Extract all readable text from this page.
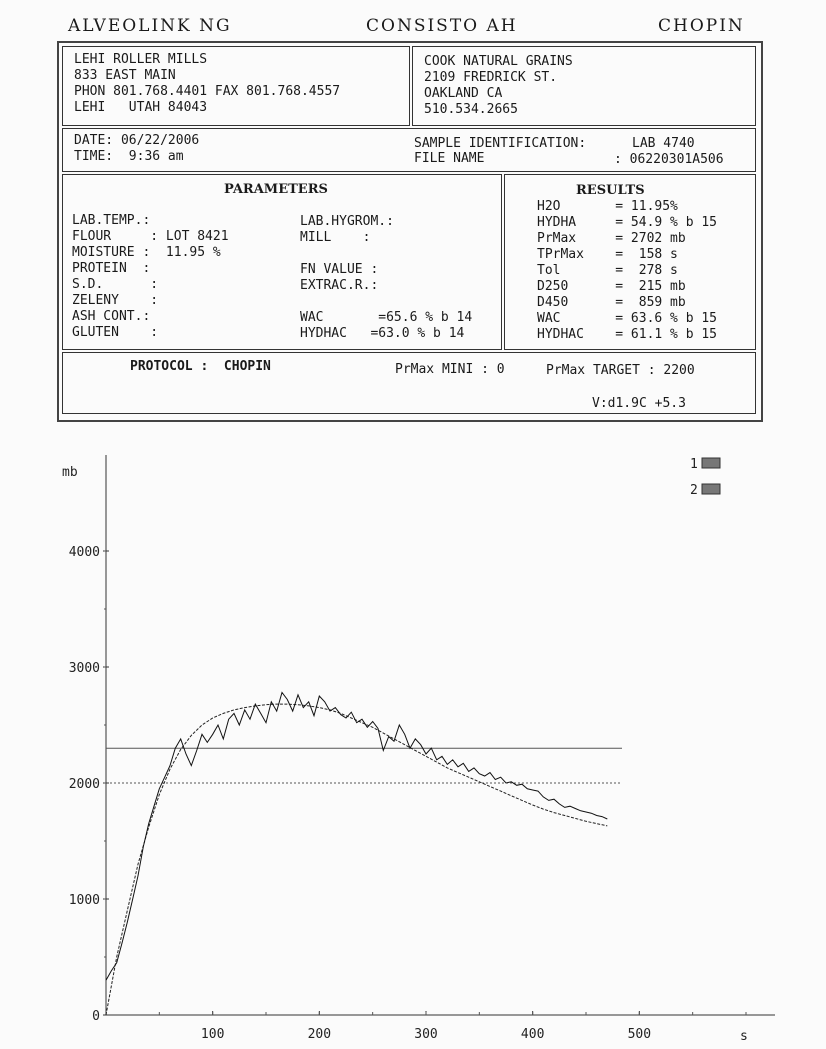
ALVEOLINK NG	CONSISTO AH	CHOPIN
LEHI ROLLER MILLS
833 EAST MAIN
PHON 801.768.4401 FAX 801.768.4557
LEHI   UTAH 84043
COOK NATURAL GRAINS
2109 FREDRICK ST.
OAKLAND CA
510.534.2665
DATE: 06/22/2006
TIME:  9:36 am
SAMPLE IDENTIFICATION:	LAB 4740
FILE NAME	: 06220301A506
PARAMETERS
LAB.TEMP.:
FLOUR     : LOT 8421
MOISTURE :  11.95 %
PROTEIN  :
S.D.      :
ZELENY    :
ASH CONT.:
GLUTEN    :
LAB.HYGROM.:
MILL    :
FN VALUE :
EXTRAC.R.:
WAC       =65.6 % b 14
HYDHAC   =63.0 % b 14
RESULTS
H2O       = 11.95%
HYDHA     = 54.9 % b 15
PrMax     = 2702 mb
TPrMax    =  158 s
Tol       =  278 s
D250      =  215 mb
D450      =  859 mb
WAC       = 63.6 % b 15
HYDHAC    = 61.1 % b 15
PROTOCOL :  CHOPIN	PrMax MINI : 0	PrMax TARGET : 2200
V:d1.9C +5.3
0
1000
2000
3000
4000
100	200	300	400	500
1
2
mb
s
